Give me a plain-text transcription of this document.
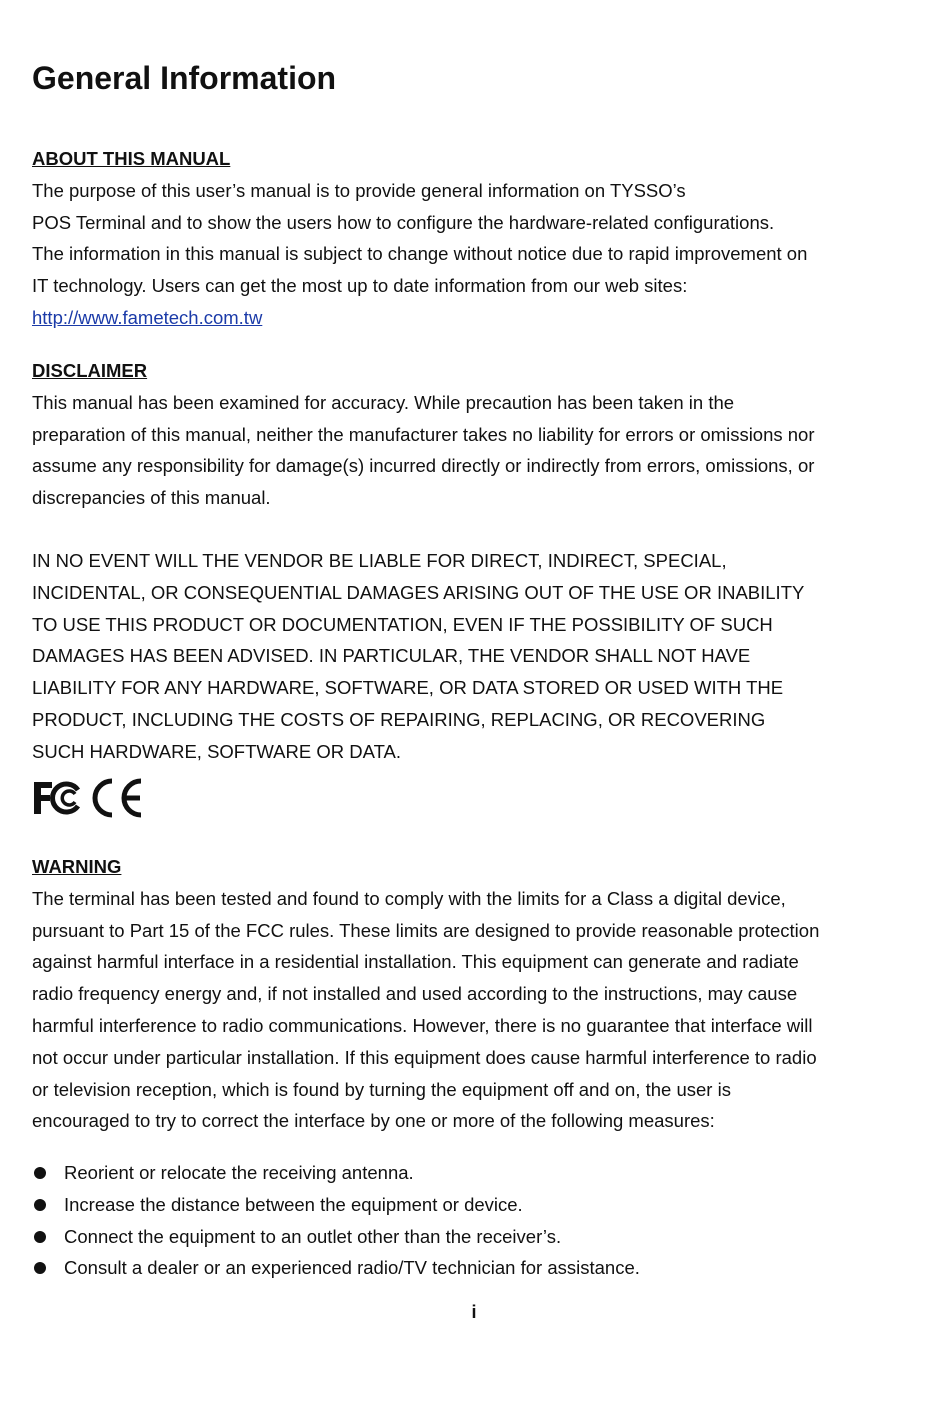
General Information

ABOUT THIS MANUAL

The purpose of this user’s manual is to provide general information on TYSSO’s

POS Terminal and to show the users how to configure the hardware-related configurations.

The information in this manual is subject to change without notice due to rapid improvement on

IT technology. Users can get the most up to date information from our web sites:

http://www.fametech.com.tw

DISCLAIMER

This manual has been examined for accuracy. While precaution has been taken in the

preparation of this manual, neither the manufacturer takes no liability for errors or omissions nor

assume any responsibility for damage(s) incurred directly or indirectly from errors, omissions, or

discrepancies of this manual.

IN NO EVENT WILL THE VENDOR BE LIABLE FOR DIRECT, INDIRECT, SPECIAL,

INCIDENTAL, OR CONSEQUENTIAL DAMAGES ARISING OUT OF THE USE OR INABILITY

TO USE THIS PRODUCT OR DOCUMENTATION, EVEN IF THE POSSIBILITY OF SUCH

DAMAGES HAS BEEN ADVISED. IN PARTICULAR, THE VENDOR SHALL NOT HAVE

LIABILITY FOR ANY HARDWARE, SOFTWARE, OR DATA STORED OR USED WITH THE

PRODUCT, INCLUDING THE COSTS OF REPAIRING, REPLACING, OR RECOVERING

SUCH HARDWARE, SOFTWARE OR DATA.

WARNING

The terminal has been tested and found to comply with the limits for a Class a digital device,

pursuant to Part 15 of the FCC rules. These limits are designed to provide reasonable protection

against harmful interface in a residential installation. This equipment can generate and radiate

radio frequency energy and, if not installed and used according to the instructions, may cause

harmful interference to radio communications. However, there is no guarantee that interface will

not occur under particular installation. If this equipment does cause harmful interference to radio

or television reception, which is found by turning the equipment off and on, the user is

encouraged to try to correct the interface by one or more of the following measures:

Reorient or relocate the receiving antenna.
Increase the distance between the equipment or device.
Connect the equipment to an outlet other than the receiver’s.
Consult a dealer or an experienced radio/TV technician for assistance.
i
